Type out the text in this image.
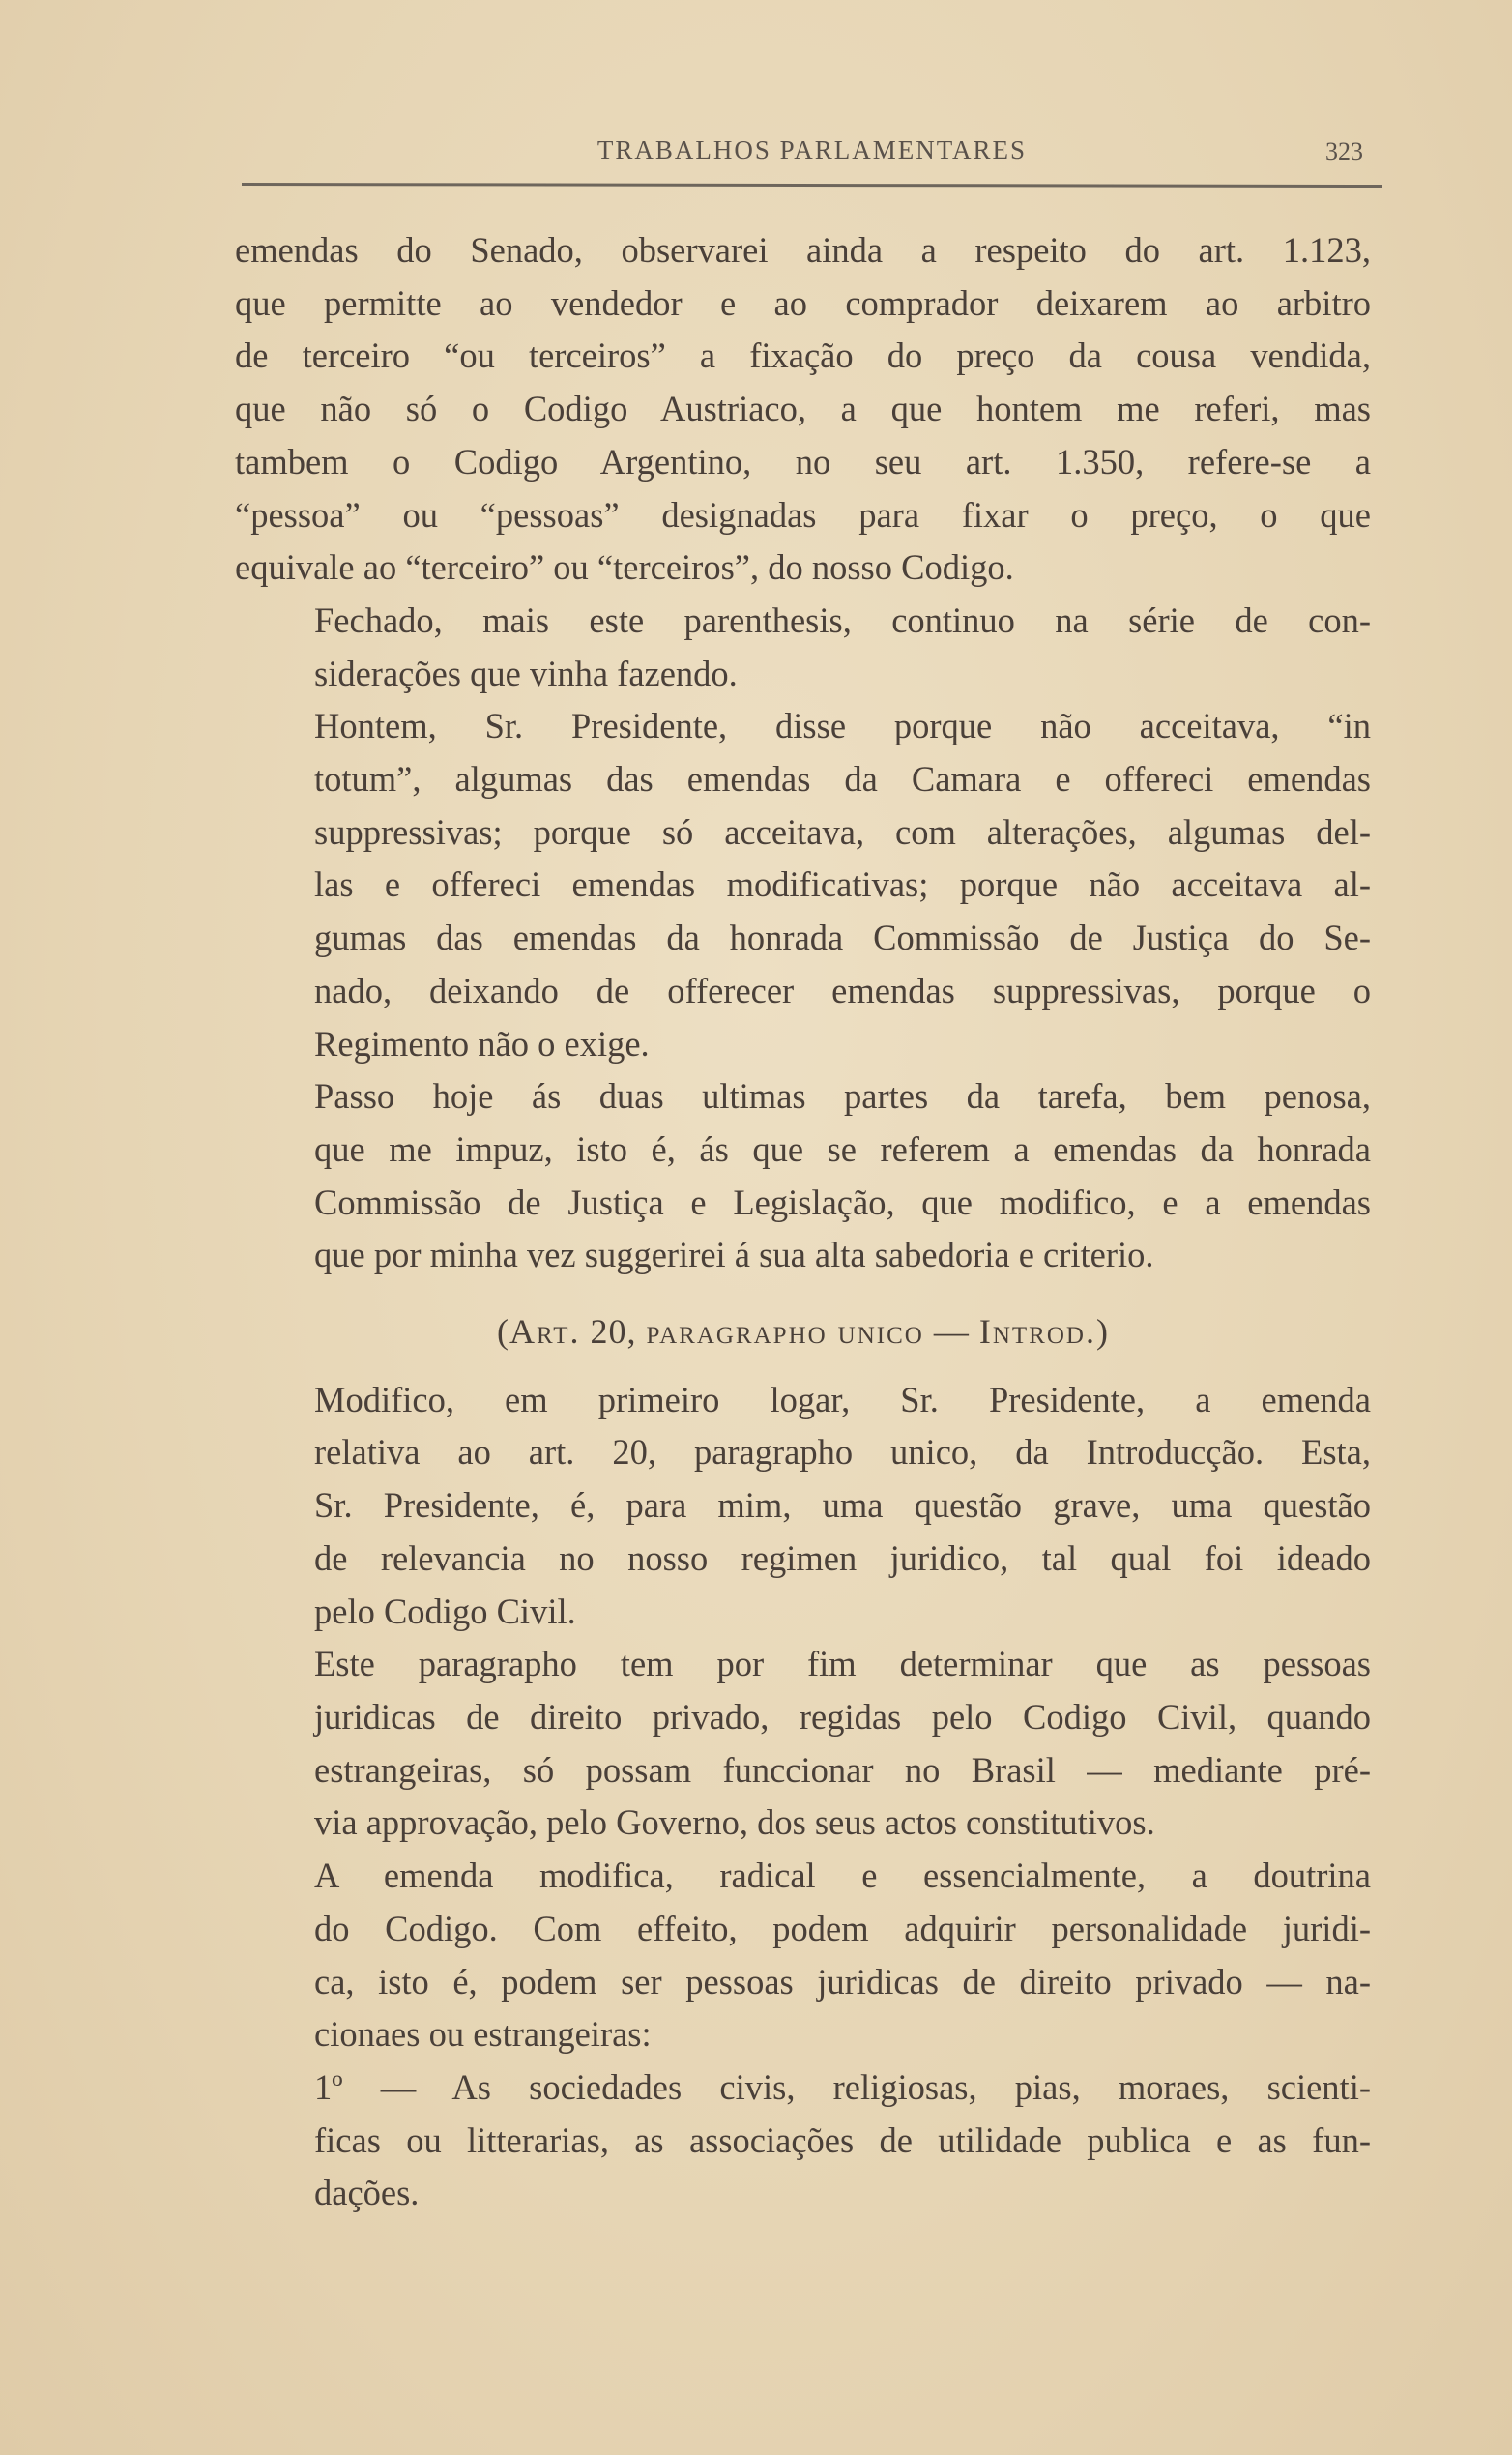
TRABALHOS PARLAMENTARES	323

emendas do Senado, observarei ainda a respeito do art. 1.123,
que permitte ao vendedor e ao comprador deixarem ao arbitro
de terceiro “ou terceiros” a fixação do preço da cousa vendida,
que não só o Codigo Austriaco, a que hontem me referi, mas
tambem o Codigo Argentino, no seu art. 1.350, refere-se a
“pessoa” ou “pessoas” designadas para fixar o preço, o que
equivale ao “terceiro” ou “terceiros”, do nosso Codigo.

Fechado, mais este parenthesis, continuo na série de con-
siderações que vinha fazendo.

Hontem, Sr. Presidente, disse porque não acceitava, “in
totum”, algumas das emendas da Camara e offereci emendas
suppressivas; porque só acceitava, com alterações, algumas del-
las e offereci emendas modificativas; porque não acceitava al-
gumas das emendas da honrada Commissão de Justiça do Se-
nado, deixando de offerecer emendas suppressivas, porque o
Regimento não o exige.

Passo hoje ás duas ultimas partes da tarefa, bem penosa,
que me impuz, isto é, ás que se referem a emendas da honrada
Commissão de Justiça e Legislação, que modifico, e a emendas
que por minha vez suggerirei á sua alta sabedoria e criterio.

(Art. 20, paragrapho unico — Introd.)

Modifico, em primeiro logar, Sr. Presidente, a emenda
relativa ao art. 20, paragrapho unico, da Introducção. Esta,
Sr. Presidente, é, para mim, uma questão grave, uma questão
de relevancia no nosso regimen juridico, tal qual foi ideado
pelo Codigo Civil.

Este paragrapho tem por fim determinar que as pessoas
juridicas de direito privado, regidas pelo Codigo Civil, quando
estrangeiras, só possam funccionar no Brasil — mediante pré-
via approvação, pelo Governo, dos seus actos constitutivos.

A emenda modifica, radical e essencialmente, a doutrina
do Codigo. Com effeito, podem adquirir personalidade juridi-
ca, isto é, podem ser pessoas juridicas de direito privado — na-
cionaes ou estrangeiras:

1º — As sociedades civis, religiosas, pias, moraes, scienti-
ficas ou litterarias, as associações de utilidade publica e as fun-
dações.
